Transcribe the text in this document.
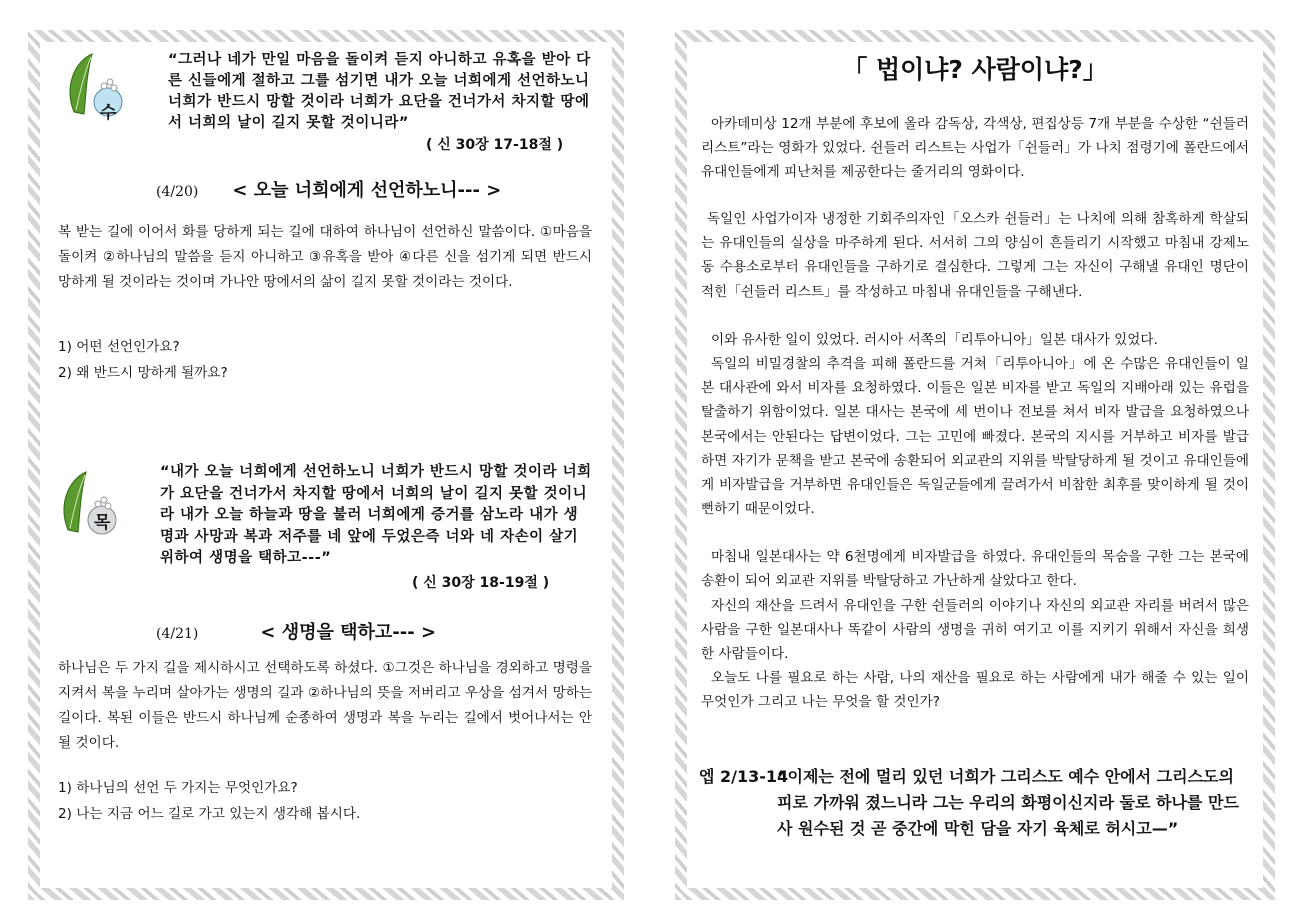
수
“그러나 네가 만일 마음을 돌이켜 듣지 아니하고 유혹을 받아 다른 신들에게 절하고 그를 섬기면 내가 오늘 너희에게 선언하노니 너희가 반드시 망할 것이라 너희가 요단을 건너가서 차지할 땅에서 너희의 날이 길지 못할 것이니라”
( 신 30장 17-18절 )
(4/20) < 오늘 너희에게 선언하노니--- >
복 받는 길에 이어서 화를 당하게 되는 길에 대하여 하나님이 선언하신 말씀이다. ①마음을 돌이켜 ②하나님의 말씀을 듣지 아니하고 ③유혹을 받아 ④다른 신을 섬기게 되면 반드시 망하게 될 것이라는 것이며 가나안 땅에서의 삶이 길지 못할 것이라는 것이다.
1) 어떤 선언인가요?
2) 왜 반드시 망하게 될까요?
목
“내가 오늘 너희에게 선언하노니 너희가 반드시 망할 것이라 너희가 요단을 건너가서 차지할 땅에서 너희의 날이 길지 못할 것이니라 내가 오늘 하늘과 땅을 불러 너희에게 증거를 삼노라 내가 생명과 사망과 복과 저주를 네 앞에 두었은즉 너와 네 자손이 살기 위하여 생명을 택하고---”
( 신 30장 18-19절 )
(4/21)	< 생명을 택하고--- >
하나님은 두 가지 길을 제시하시고 선택하도록 하셨다. ①그것은 하나님을 경외하고 명령을 지켜서 복을 누리며 살아가는 생명의 길과 ②하나님의 뜻을 저버리고 우상을 섬겨서 망하는 길이다. 복된 이들은 반드시 하나님께 순종하여 생명과 복을 누리는 길에서 벗어나서는 안될 것이다.
1) 하나님의 선언 두 가지는 무엇인가요?
2) 나는 지금 어느 길로 가고 있는지 생각해 봅시다.
「 법이냐? 사람이냐?」
아카데미상 12개 부분에 후보에 올라 감독상, 각색상, 편집상등 7개 부분을 수상한 “쉰들러 리스트”라는 영화가 있었다. 쉰들러 리스트는 사업가「쉰들러」가 나치 점령기에 폴란드에서 유대인들에게 피난처를 제공한다는 줄거리의 영화이다.
독일인 사업가이자 냉정한 기회주의자인「오스카 쉰들러」는 나치에 의해 참혹하게 학살되는 유대인들의 실상을 마주하게 된다. 서서히 그의 양심이 흔들리기 시작했고 마침내 강제노동 수용소로부터 유대인들을 구하기로 결심한다. 그렇게 그는 자신이 구해낼 유대인 명단이 적힌「쉰들러 리스트」를 작성하고 마침내 유대인들을 구해낸다.
이와 유사한 일이 있었다. 러시아 서쪽의「리투아니아」일본 대사가 있었다.
독일의 비밀경찰의 추격을 피해 폴란드를 거쳐「리투아니아」에 온 수많은 유대인들이 일본 대사관에 와서 비자를 요청하였다. 이들은 일본 비자를 받고 독일의 지배아래 있는 유럽을 탈출하기 위함이었다. 일본 대사는 본국에 세 번이나 전보를 쳐서 비자 발급을 요청하였으나 본국에서는 안된다는 답변이었다. 그는 고민에 빠졌다. 본국의 지시를 거부하고 비자를 발급하면 자기가 문책을 받고 본국에 송환되어 외교관의 지위를 박탈당하게 될 것이고 유대인들에게 비자발급을 거부하면 유대인들은 독일군들에게 끌려가서 비참한 최후를 맞이하게 될 것이 뻔하기 때문이었다.
마침내 일본대사는 약 6천명에게 비자발급을 하였다. 유대인들의 목숨을 구한 그는 본국에 송환이 되어 외교관 지위를 박탈당하고 가난하게 살았다고 한다.
자신의 재산을 드려서 유대인을 구한 쉰들러의 이야기나 자신의 외교관 자리를 버려서 많은 사람을 구한 일본대사나 똑같이 사람의 생명을 귀히 여기고 이를 지키기 위해서 자신을 희생한 사람들이다.
오늘도 나를 필요로 하는 사람, 나의 재산을 필요로 하는 사람에게 내가 해줄 수 있는 일이 무엇인가 그리고 나는 무엇을 할 것인가?
엡 2/13-14
“이제는 전에 멀리 있던 너희가 그리스도 예수 안에서 그리스도의 피로 가까워 졌느니라 그는 우리의 화평이신지라 둘로 하나를 만드사 원수된 것 곧 중간에 막힌 담을 자기 육체로 허시고—”
